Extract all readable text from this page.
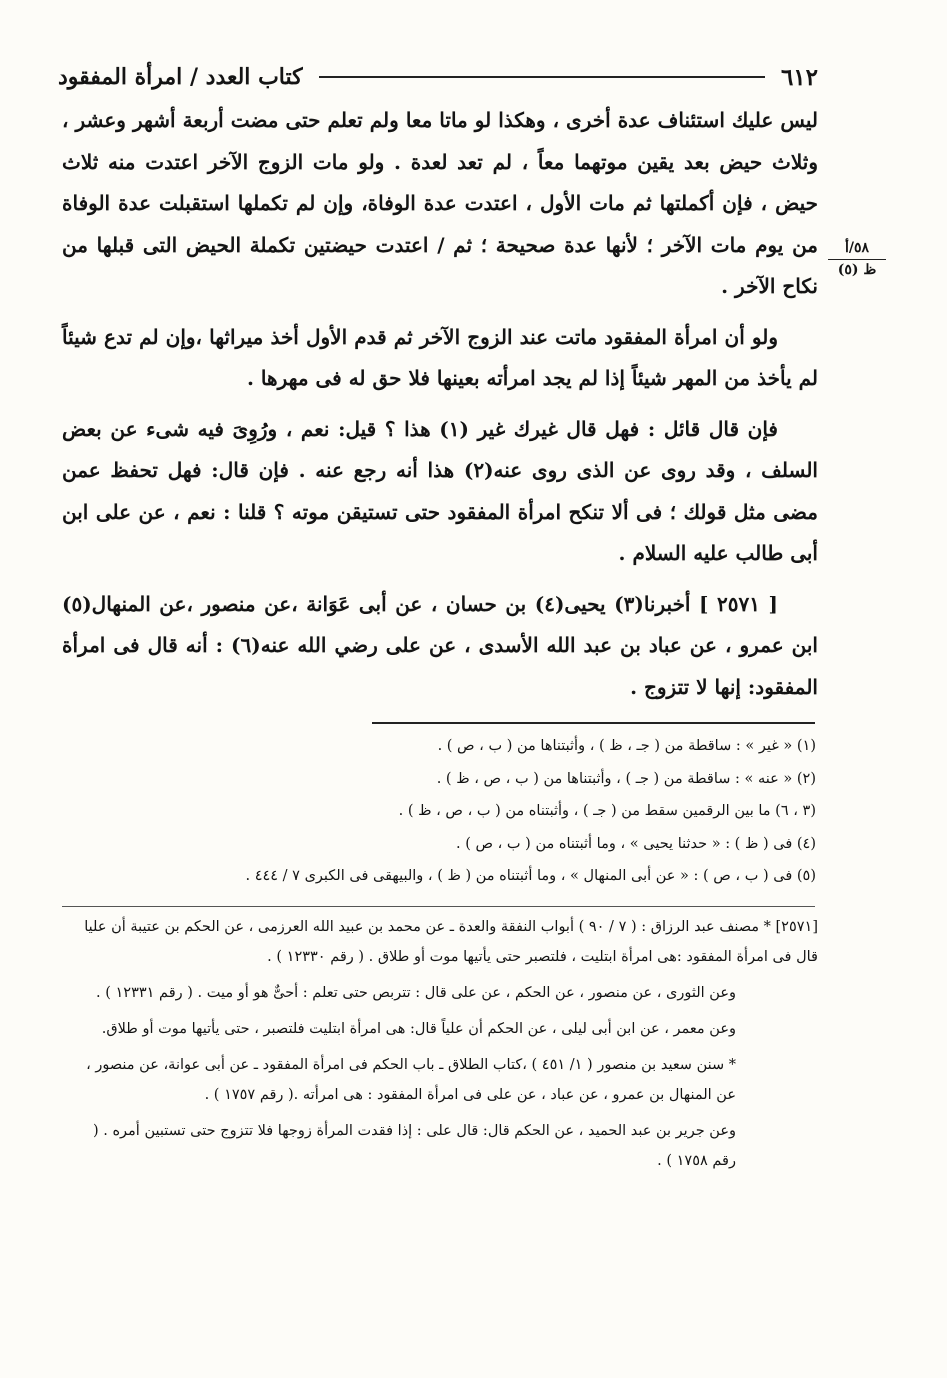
٦١٢
كتاب العدد / امرأة المفقود
٥٨/أ
ظ (٥)

ليس عليك استئناف عدة أخرى ، وهكذا لو ماتا معا ولم تعلم حتى مضت أربعة أشهر وعشر ، وثلاث حيض بعد يقين موتهما معاً ، لم تعد لعدة . ولو مات الزوج الآخر اعتدت منه ثلاث حيض ، فإن أكملتها ثم مات الأول ، اعتدت عدة الوفاة، وإن لم تكملها استقبلت عدة الوفاة من يوم مات الآخر ؛ لأنها عدة صحيحة ؛ ثم / اعتدت حيضتين تكملة الحيض التى قبلها من نكاح الآخر .

ولو أن امرأة المفقود ماتت عند الزوج الآخر ثم قدم الأول أخذ ميراثها ،وإن لم تدع شيئاً لم يأخذ من المهر شيئاً إذا لم يجد امرأته بعينها فلا حق له فى مهرها .

فإن قال قائل : فهل قال غيرك غير (١) هذا ؟ قيل: نعم ، ورُوِىَ فيه شىء عن بعض السلف ، وقد روى عن الذى روى عنه(٢) هذا أنه رجع عنه . فإن قال: فهل تحفظ عمن مضى مثل قولك ؛ فى ألا تنكح امرأة المفقود حتى تستيقن موته ؟ قلنا : نعم ، عن على ابن أبى طالب عليه السلام .

[ ٢٥٧١ ] أخبرنا(٣) يحيى(٤) بن حسان ، عن أبى عَوَانة ،عن منصور ،عن المنهال(٥) ابن عمرو ، عن عباد بن عبد الله الأسدى ، عن على رضي الله عنه(٦) : أنه قال فى امرأة المفقود: إنها لا تتزوج .

(١) « غير » : ساقطة من ( جـ ، ظ ) ، وأثبتناها من ( ب ، ص ) .
(٢) « عنه » : ساقطة من ( جـ ) ، وأثبتناها من ( ب ، ص ، ظ ) .
(٣ ، ٦) ما بين الرقمين سقط من ( جـ ) ، وأثبتناه من ( ب ، ص ، ظ ) .
(٤) فى ( ظ ) : « حدثنا يحيى » ، وما أثبتناه من ( ب ، ص ) .
(٥) فى ( ب ، ص ) : « عن أبى المنهال » ، وما أثبتناه من ( ظ ) ، والبيهقى فى الكبرى ٧ / ٤٤٤ .

[٢٥٧١] * مصنف عبد الرزاق : ( ٧ / ٩٠ ) أبواب النفقة والعدة ـ عن محمد بن عبيد الله العرزمى ، عن الحكم بن عتيبة أن عليا قال فى امرأة المفقود :هى امرأة ابتليت ، فلتصبر حتى يأتيها موت أو طلاق . ( رقم ١٢٣٣٠ ) .

وعن الثورى ، عن منصور ، عن الحكم ، عن على قال : تتربص حتى تعلم : أحىٌّ هو أو ميت . ( رقم ١٢٣٣١ ) .

وعن معمر ، عن ابن أبى ليلى ، عن الحكم أن علياً قال: هى امرأة ابتليت فلتصبر ، حتى يأتيها موت أو طلاق.

* سنن سعيد بن منصور ( ١/ ٤٥١ ) ،كتاب الطلاق ـ باب الحكم فى امرأة المفقود ـ عن أبى عوانة، عن منصور ، عن المنهال بن عمرو ، عن عباد ، عن على فى امرأة المفقود : هى امرأته .( رقم ١٧٥٧ ) .

وعن جرير بن عبد الحميد ، عن الحكم قال: قال على : إذا فقدت المرأة زوجها فلا تتزوج حتى تستبين أمره . ( رقم ١٧٥٨ ) .
